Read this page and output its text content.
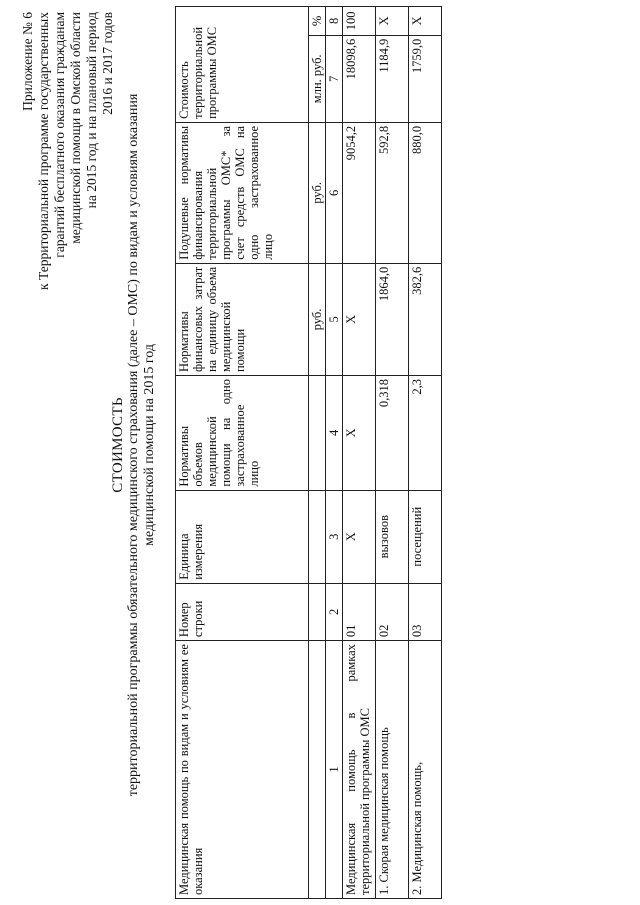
Приложение № 6 к Территориальной программе государственных гарантий бесплатного оказания гражданам медицинской помощи в Омской области на 2015 год и на плановый период 2016 и 2017 годов
СТОИМОСТЬ территориальной программы обязательного медицинского страхования (далее – ОМС) по видам и условиям оказания медицинской помощи на 2015 год
Медицинская помощь по видам и условиям ее оказания	Номер строки	Единица измерения	Нормативы объемов медицинской помощи на одно застрахованное лицо	Нормативы финансовых затрат на единицу объема медицинской помощи	Подушевые нормативы финансирования территориальной программы ОМС* за счет средств ОМС на одно застрахованное лицо	Стоимость территориальной программы ОМС	
				руб.	руб.	млн. руб.	%
1	2	3	4	5	6	7	8
Медицинская помощь в рамках территориальной программы ОМС	01	Х	Х	Х	9054,2	18098,6	100
1. Скорая медицинская помощь	02	вызовов	0,318	1864,0	592,8	1184,9	Х
2. Медицинская помощь,	03	посещений	2,3	382,6	880,0	1759,0	Х
